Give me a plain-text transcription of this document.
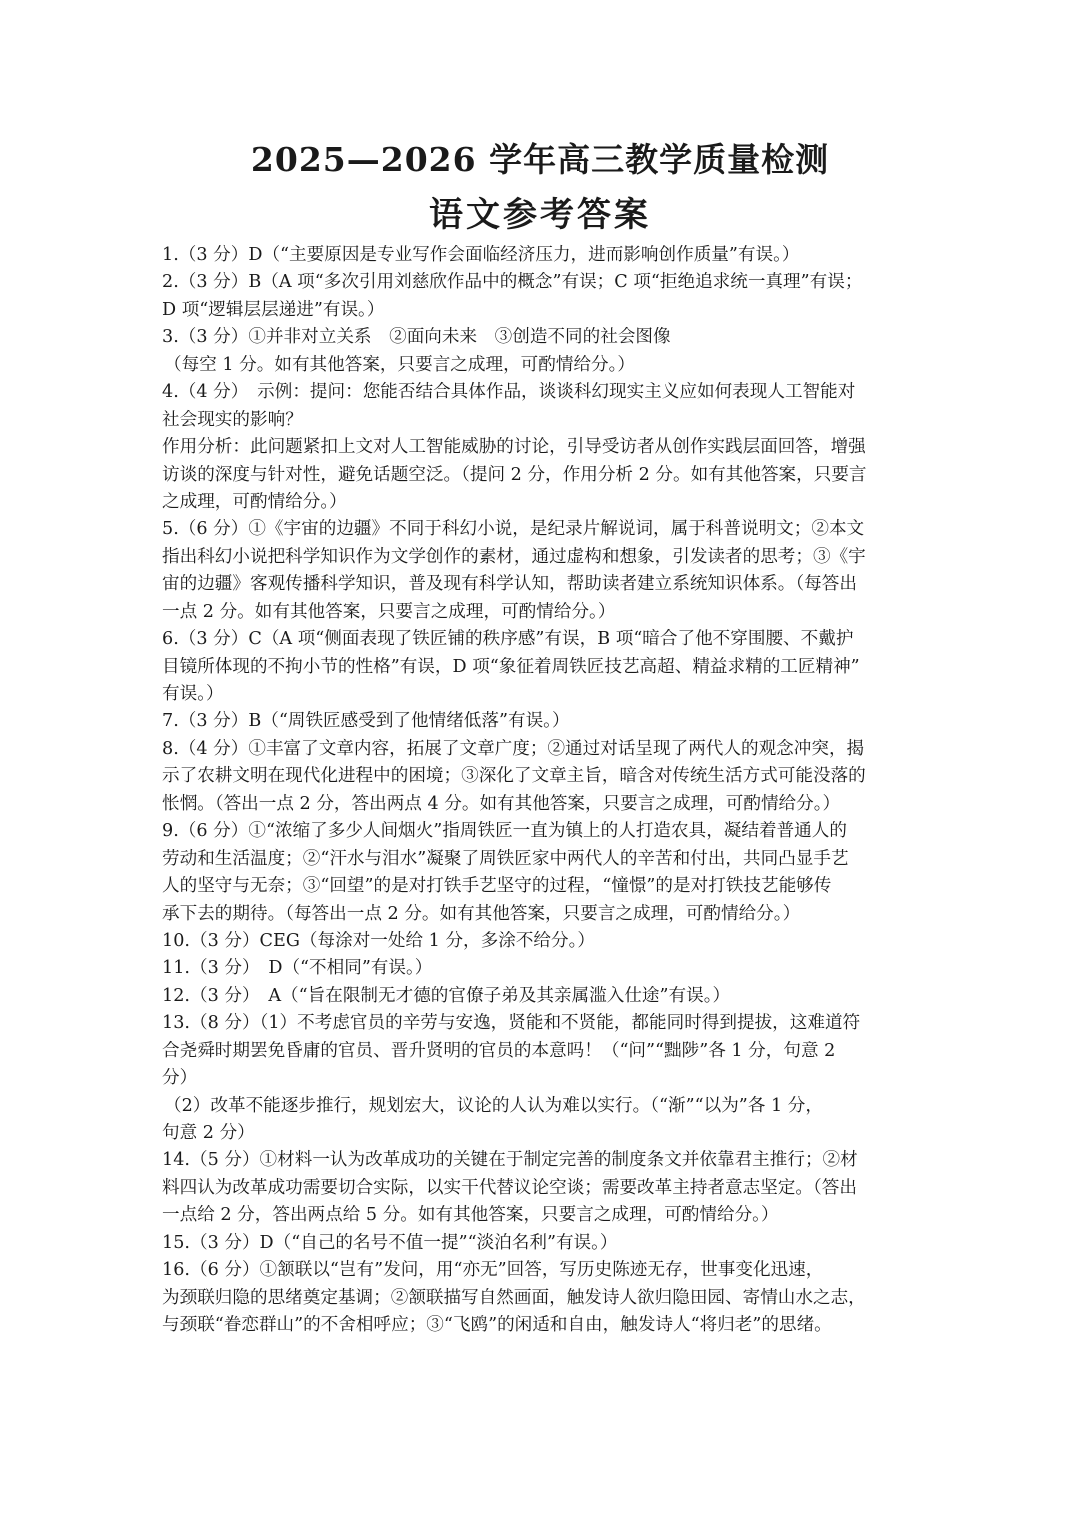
2025—2026 学年高三教学质量检测
语文参考答案
1.（3 分）D（“主要原因是专业写作会面临经济压力，进而影响创作质量”有误。）
2.（3 分）B（A 项“多次引用刘慈欣作品中的概念”有误；C 项“拒绝追求统一真理”有误；
D 项“逻辑层层递进”有误。）
3.（3 分）①并非对立关系　②面向未来　③创造不同的社会图像
（每空 1 分。如有其他答案，只要言之成理，可酌情给分。）
4.（4 分）　示例：提问：您能否结合具体作品，谈谈科幻现实主义应如何表现人工智能对
社会现实的影响？
作用分析：此问题紧扣上文对人工智能威胁的讨论，引导受访者从创作实践层面回答，增强
访谈的深度与针对性，避免话题空泛。（提问 2 分，作用分析 2 分。如有其他答案，只要言
之成理，可酌情给分。）
5.（6 分）①《宇宙的边疆》不同于科幻小说，是纪录片解说词，属于科普说明文；②本文
指出科幻小说把科学知识作为文学创作的素材，通过虚构和想象，引发读者的思考；③《宇
宙的边疆》客观传播科学知识，普及现有科学认知，帮助读者建立系统知识体系。（每答出
一点 2 分。如有其他答案，只要言之成理，可酌情给分。）
6.（3 分）C（A 项“侧面表现了铁匠铺的秩序感”有误，B 项“暗合了他不穿围腰、不戴护
目镜所体现的不拘小节的性格”有误，D 项“象征着周铁匠技艺高超、精益求精的工匠精神”
有误。）
7.（3 分）B（“周铁匠感受到了他情绪低落”有误。）
8.（4 分）①丰富了文章内容，拓展了文章广度；②通过对话呈现了两代人的观念冲突，揭
示了农耕文明在现代化进程中的困境；③深化了文章主旨，暗含对传统生活方式可能没落的
怅惘。（答出一点 2 分，答出两点 4 分。如有其他答案，只要言之成理，可酌情给分。）
9.（6 分）①“浓缩了多少人间烟火”指周铁匠一直为镇上的人打造农具，凝结着普通人的
劳动和生活温度；②“汗水与泪水”凝聚了周铁匠家中两代人的辛苦和付出，共同凸显手艺
人的坚守与无奈；③“回望”的是对打铁手艺坚守的过程，“憧憬”的是对打铁技艺能够传
承下去的期待。（每答出一点 2 分。如有其他答案，只要言之成理，可酌情给分。）
10.（3 分）CEG（每涂对一处给 1 分，多涂不给分。）
11.（3 分）　D（“不相同”有误。）
12.（3 分）　A（“旨在限制无才德的官僚子弟及其亲属滥入仕途”有误。）
13.（8 分）（1）不考虑官员的辛劳与安逸，贤能和不贤能，都能同时得到提拔，这难道符
合尧舜时期罢免昏庸的官员、晋升贤明的官员的本意吗！（“问”“黜陟”各 1 分，句意 2
分）
（2）改革不能逐步推行，规划宏大，议论的人认为难以实行。（“渐”“以为”各 1 分，
句意 2 分）
14.（5 分）①材料一认为改革成功的关键在于制定完善的制度条文并依靠君主推行；②材
料四认为改革成功需要切合实际，以实干代替议论空谈；需要改革主持者意志坚定。（答出
一点给 2 分，答出两点给 5 分。如有其他答案，只要言之成理，可酌情给分。）
15.（3 分）D（“自己的名号不值一提”“淡泊名利”有误。）
16.（6 分）①颔联以“岂有”发问，用“亦无”回答，写历史陈迹无存，世事变化迅速，
为颈联归隐的思绪奠定基调；②颔联描写自然画面，触发诗人欲归隐田园、寄情山水之志，
与颈联“眷恋群山”的不舍相呼应；③“飞鸥”的闲适和自由，触发诗人“将归老”的思绪。
